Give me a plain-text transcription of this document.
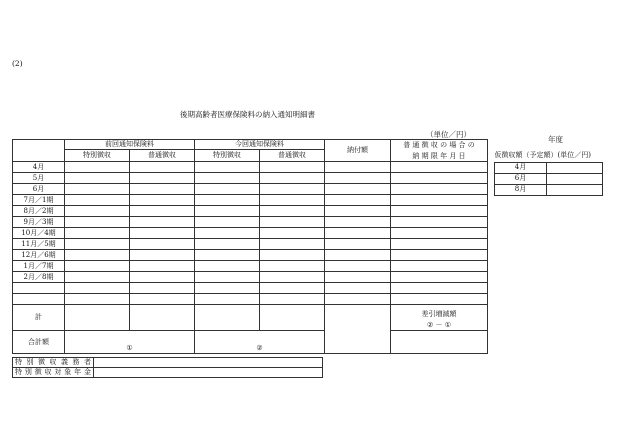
(2)
後期高齢者医療保険料の納入通知明細書
（単位／円）
年度
	前回通知保険料		今回通知保険料		納付額	普 通 徴 収 の 場 合 の
納 期 限 年 月 日

	特別徴収	普通徴収	特別徴収	普通徴収		
4月						
5月						
6月						
7月／1期						
8月／2期						
9月／3期						
10月／4期						
11月／5期						
12月／6期						
1月／7期						
2月／8期						

計						差引増減額
② － ①

合計額	①		②			
仮徴収額（予定額）(単位／円)	
4月	
6月	
8月	
特別徴収義務者	
特別徴収対象年金	
